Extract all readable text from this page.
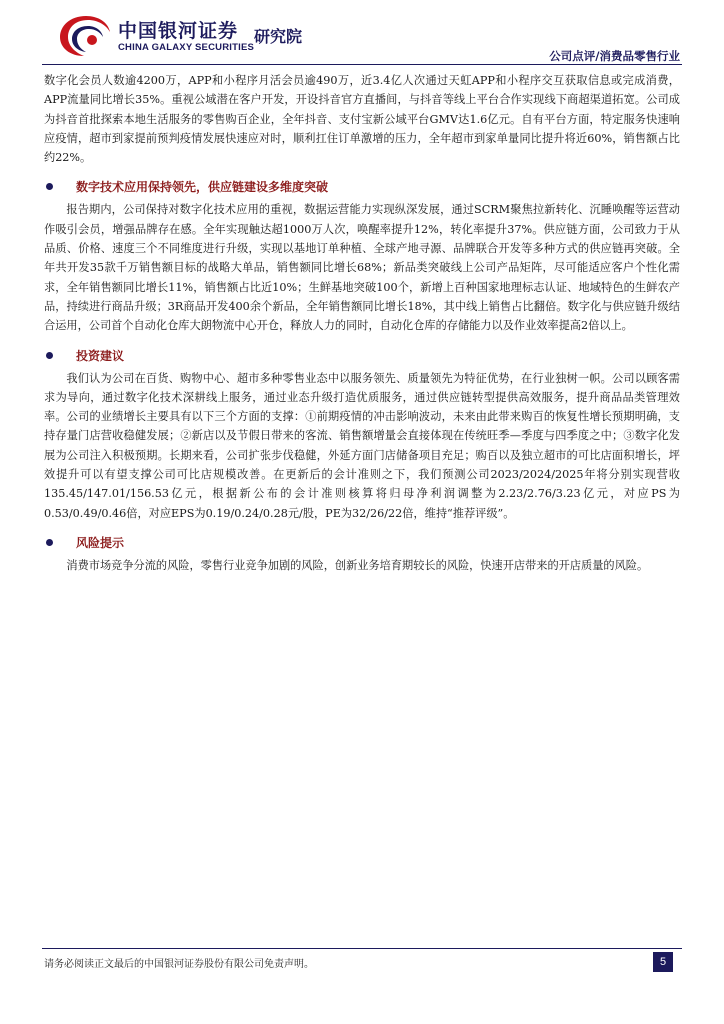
中国银河证券
CHINA GALAXY SECURITIES
研究院
公司点评/消费品零售行业

数字化会员人数逾4200万，APP和小程序月活会员逾490万，近3.4亿人次通过天虹APP和小程序交互获取信息或完成消费，APP流量同比增长35%。重视公域潜在客户开发，开设抖音官方直播间，与抖音等线上平台合作实现线下商超渠道拓宽。公司成为抖音首批探索本地生活服务的零售购百企业，全年抖音、支付宝新公域平台GMV达1.6亿元。自有平台方面，特定服务快速响应疫情，超市到家提前预判疫情发展快速应对时，顺利扛住订单激增的压力，全年超市到家单量同比提升将近60%，销售额占比约22%。

数字技术应用保持领先，供应链建设多维度突破

报告期内，公司保持对数字化技术应用的重视，数据运营能力实现纵深发展，通过SCRM聚焦拉新转化、沉睡唤醒等运营动作吸引会员，增强品牌存在感。全年实现触达超1000万人次，唤醒率提升12%，转化率提升37%。供应链方面，公司致力于从品质、价格、速度三个不同维度进行升级，实现以基地订单种植、全球产地寻源、品牌联合开发等多种方式的供应链再突破。全年共开发35款千万销售额目标的战略大单品，销售额同比增长68%；新品类突破线上公司产品矩阵，尽可能适应客户个性化需求，全年销售额同比增长11%，销售额占比近10%；生鲜基地突破100个，新增上百种国家地理标志认证、地域特色的生鲜农产品，持续进行商品升级；3R商品开发400余个新品，全年销售额同比增长18%，其中线上销售占比翻倍。数字化与供应链升级结合运用，公司首个自动化仓库大朗物流中心开仓，释放人力的同时，自动化仓库的存储能力以及作业效率提高2倍以上。

投资建议

我们认为公司在百货、购物中心、超市多种零售业态中以服务领先、质量领先为特征优势，在行业独树一帜。公司以顾客需求为导向，通过数字化技术深耕线上服务，通过业态升级打造优质服务，通过供应链转型提供高效服务，提升商品品类管理效率。公司的业绩增长主要具有以下三个方面的支撑：①前期疫情的冲击影响波动，未来由此带来购百的恢复性增长预期明确，支持存量门店营收稳健发展；②新店以及节假日带来的客流、销售额增量会直接体现在传统旺季—季度与四季度之中；③数字化发展为公司注入积极预期。长期来看，公司扩张步伐稳健，外延方面门店储备项目充足；购百以及独立超市的可比店面积增长，坪效提升可以有望支撑公司可比店规模改善。在更新后的会计准则之下，我们预测公司2023/2024/2025年将分别实现营收135.45/147.01/156.53亿元，根据新公布的会计准则核算将归母净利润调整为2.23/2.76/3.23亿元，对应PS为0.53/0.49/0.46倍，对应EPS为0.19/0.24/0.28元/股，PE为32/26/22倍，维持“推荐评级”。

风险提示

消费市场竞争分流的风险，零售行业竞争加剧的风险，创新业务培育期较长的风险，快速开店带来的开店质量的风险。

请务必阅读正文最后的中国银河证券股份有限公司免责声明。	5
